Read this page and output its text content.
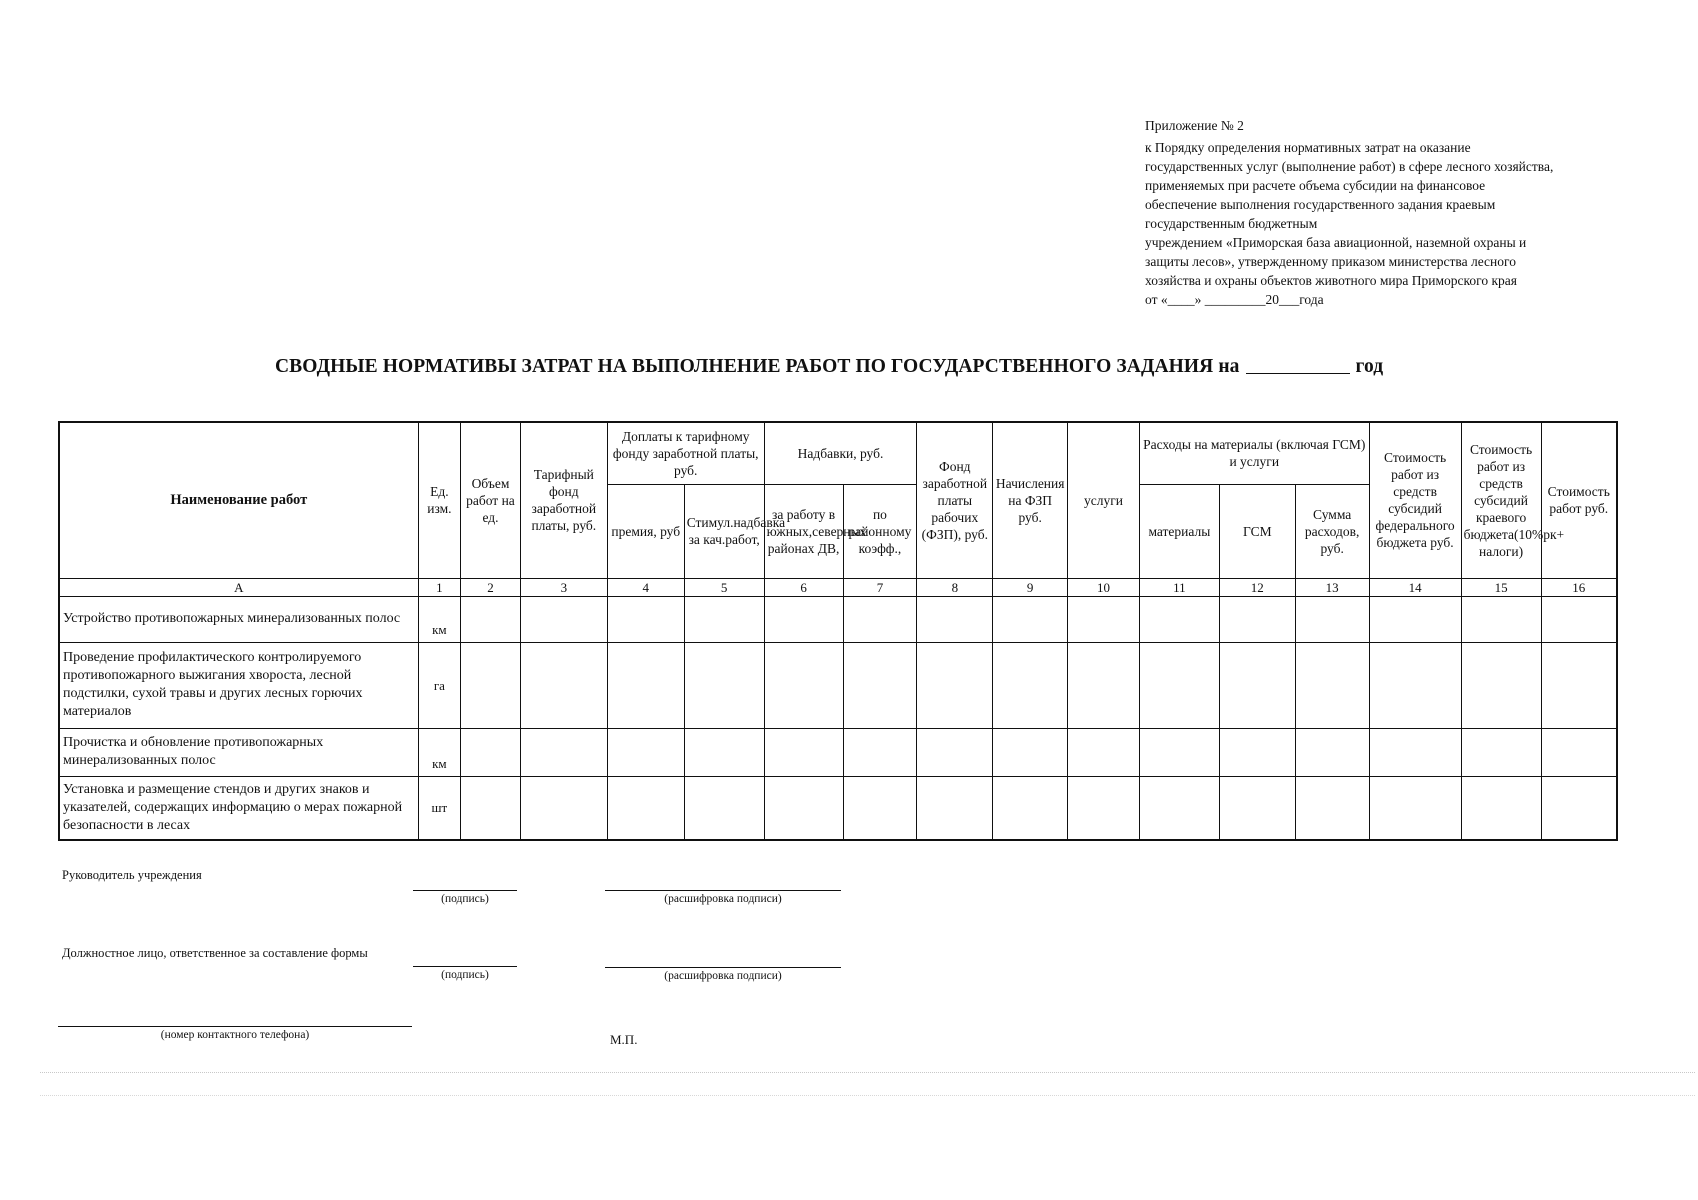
Приложение № 2
к Порядку определения нормативных затрат на оказание
государственных услуг (выполнение работ) в сфере лесного хозяйства,
применяемых при расчете объема субсидии на финансовое
обеспечение выполнения государственного задания краевым
государственным бюджетным
учреждением «Приморская база авиационной, наземной охраны и
защиты лесов», утвержденному приказом министерства лесного
хозяйства и охраны объектов животного мира Приморского края
от «____» _________20___года
СВОДНЫЕ НОРМАТИВЫ ЗАТРАТ НА ВЫПОЛНЕНИЕ РАБОТ ПО ГОСУДАРСТВЕННОГО ЗАДАНИЯ на	год
Наименование работ	Ед. изм.	Объем работ на ед.	Тарифный фонд заработной платы, руб.	Доплаты к тарифному фонду заработной платы, руб.		Надбавки, руб.		Фонд заработной платы рабочих (ФЗП), руб.	Начисления на ФЗП руб.	услуги	Расходы на материалы (включая ГСМ) и услуги			Стоимость работ из средств субсидий федерального бюджета руб.	Стоимость работ из средств субсидий краевого бюджета(10%рк+ налоги)	Стоимость работ руб.
				премия, руб	Стимул.надбавка за кач.работ,	за работу в южных,северных районах ДВ,	по районному коэфф.,				материалы	ГСМ	Сумма расходов, руб.			
А	1	2	3	4	5	6	7	8	9	10	11	12	13	14	15	16
Устройство противопожарных минерализованных полос	км															
Проведение профилактического контролируемого противопожарного выжигания хвороста, лесной подстилки, сухой травы и других лесных горючих материалов	га															
Прочистка и обновление противопожарных минерализованных полос	км															
Установка и размещение стендов и других знаков и указателей, содержащих информацию о мерах пожарной безопасности в лесах	шт															
Руководитель учреждения
(подпись)	(расшифровка подписи)
Должностное лицо, ответственное за составление формы
(подпись)	(расшифровка подписи)
(номер контактного телефона)	М.П.
